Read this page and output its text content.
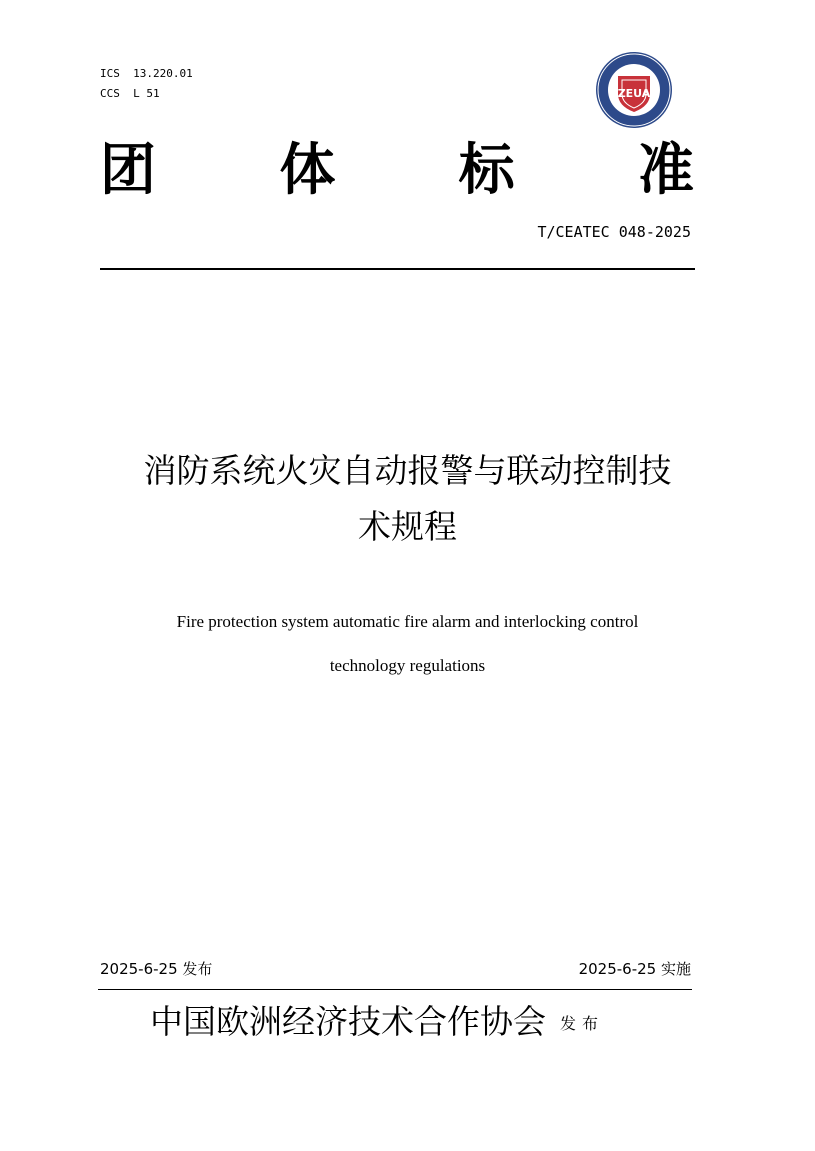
ICS  13.220.01
CCS  L 51	ZEUA
团 体 标 准
T/CEATEC 048-2025
消防系统火灾自动报警与联动控制技
术规程
Fire protection system automatic fire alarm and interlocking control
technology regulations
2025-6-25 发布	2025-6-25 实施
中国欧洲经济技术合作协会 发布
